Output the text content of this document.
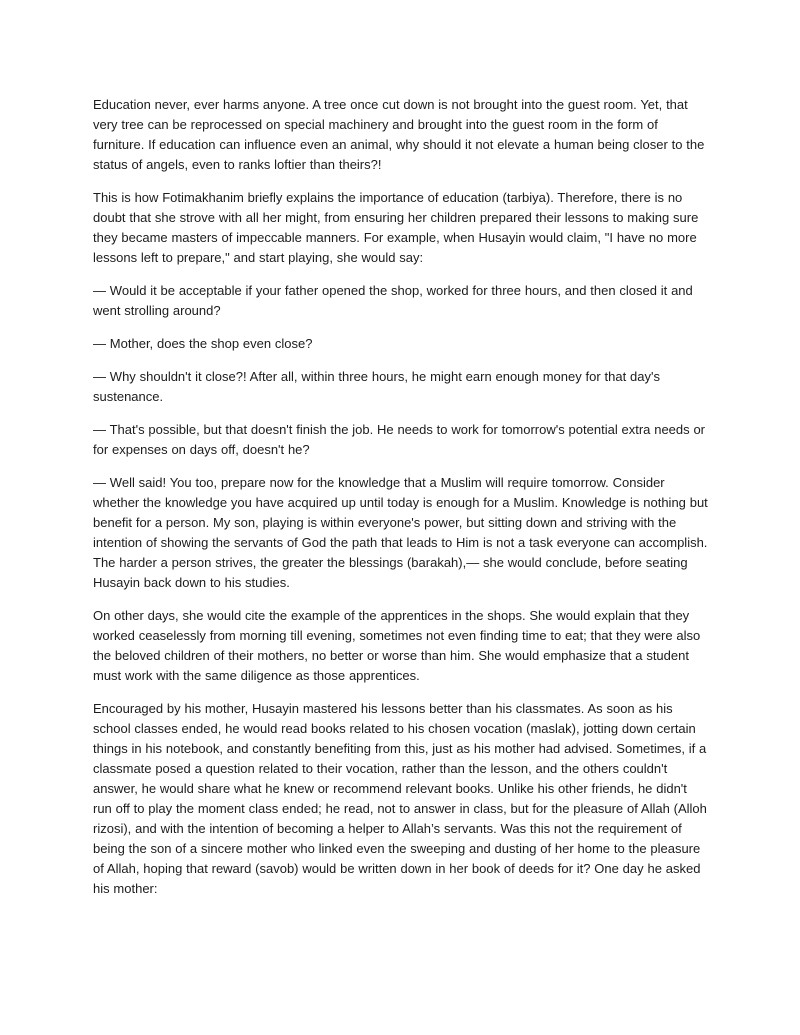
Education never, ever harms anyone. A tree once cut down is not brought into the guest room. Yet, that very tree can be reprocessed on special machinery and brought into the guest room in the form of furniture. If education can influence even an animal, why should it not elevate a human being closer to the status of angels, even to ranks loftier than theirs?!

This is how Fotimakhanim briefly explains the importance of education (tarbiya). Therefore, there is no doubt that she strove with all her might, from ensuring her children prepared their lessons to making sure they became masters of impeccable manners. For example, when Husayin would claim, "I have no more lessons left to prepare," and start playing, she would say:

— Would it be acceptable if your father opened the shop, worked for three hours, and then closed it and went strolling around?

— Mother, does the shop even close?

— Why shouldn't it close?! After all, within three hours, he might earn enough money for that day's sustenance.

— That's possible, but that doesn't finish the job. He needs to work for tomorrow's potential extra needs or for expenses on days off, doesn't he?

— Well said! You too, prepare now for the knowledge that a Muslim will require tomorrow. Consider whether the knowledge you have acquired up until today is enough for a Muslim. Knowledge is nothing but benefit for a person. My son, playing is within everyone's power, but sitting down and striving with the intention of showing the servants of God the path that leads to Him is not a task everyone can accomplish. The harder a person strives, the greater the blessings (barakah),— she would conclude, before seating Husayin back down to his studies.

On other days, she would cite the example of the apprentices in the shops. She would explain that they worked ceaselessly from morning till evening, sometimes not even finding time to eat; that they were also the beloved children of their mothers, no better or worse than him. She would emphasize that a student must work with the same diligence as those apprentices.

Encouraged by his mother, Husayin mastered his lessons better than his classmates. As soon as his school classes ended, he would read books related to his chosen vocation (maslak), jotting down certain things in his notebook, and constantly benefiting from this, just as his mother had advised. Sometimes, if a classmate posed a question related to their vocation, rather than the lesson, and the others couldn't answer, he would share what he knew or recommend relevant books. Unlike his other friends, he didn't run off to play the moment class ended; he read, not to answer in class, but for the pleasure of Allah (Alloh rizosi), and with the intention of becoming a helper to Allah’s servants. Was this not the requirement of being the son of a sincere mother who linked even the sweeping and dusting of her home to the pleasure of Allah, hoping that reward (savob) would be written down in her book of deeds for it? One day he asked his mother:
